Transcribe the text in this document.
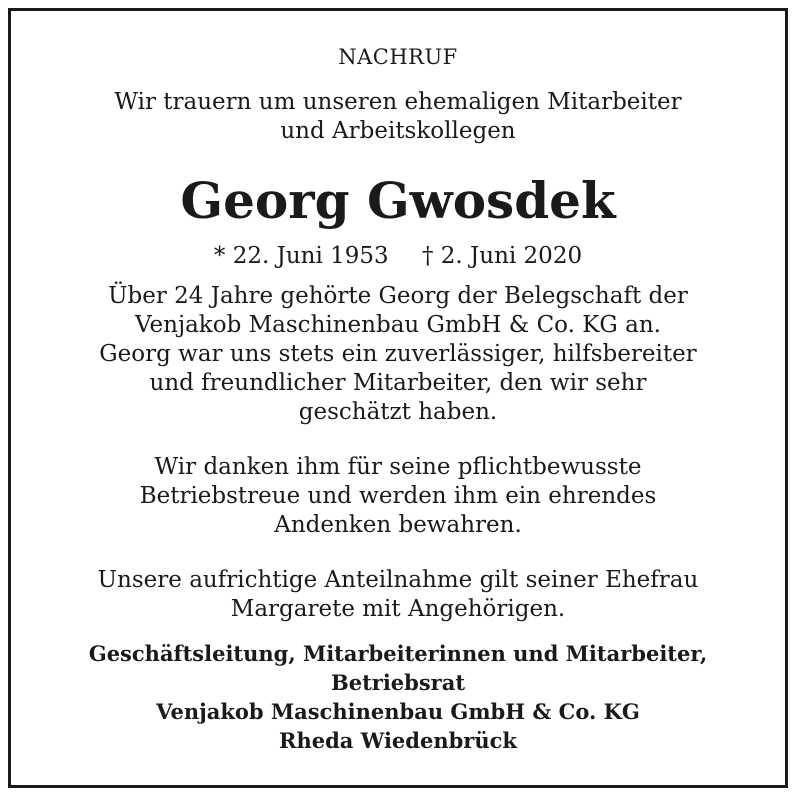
NACHRUF
Wir trauern um unseren ehemaligen Mitarbeiter
und Arbeitskollegen
Georg Gwosdek
* 22. Juni 1953 † 2. Juni 2020
Über 24 Jahre gehörte Georg der Belegschaft der
Venjakob Maschinenbau GmbH & Co. KG an.
Georg war uns stets ein zuverlässiger, hilfsbereiter
und freundlicher Mitarbeiter, den wir sehr
geschätzt haben.
Wir danken ihm für seine pflichtbewusste
Betriebstreue und werden ihm ein ehrendes
Andenken bewahren.
Unsere aufrichtige Anteilnahme gilt seiner Ehefrau
Margarete mit Angehörigen.
Geschäftsleitung, Mitarbeiterinnen und Mitarbeiter,
Betriebsrat
Venjakob Maschinenbau GmbH & Co. KG
Rheda Wiedenbrück
